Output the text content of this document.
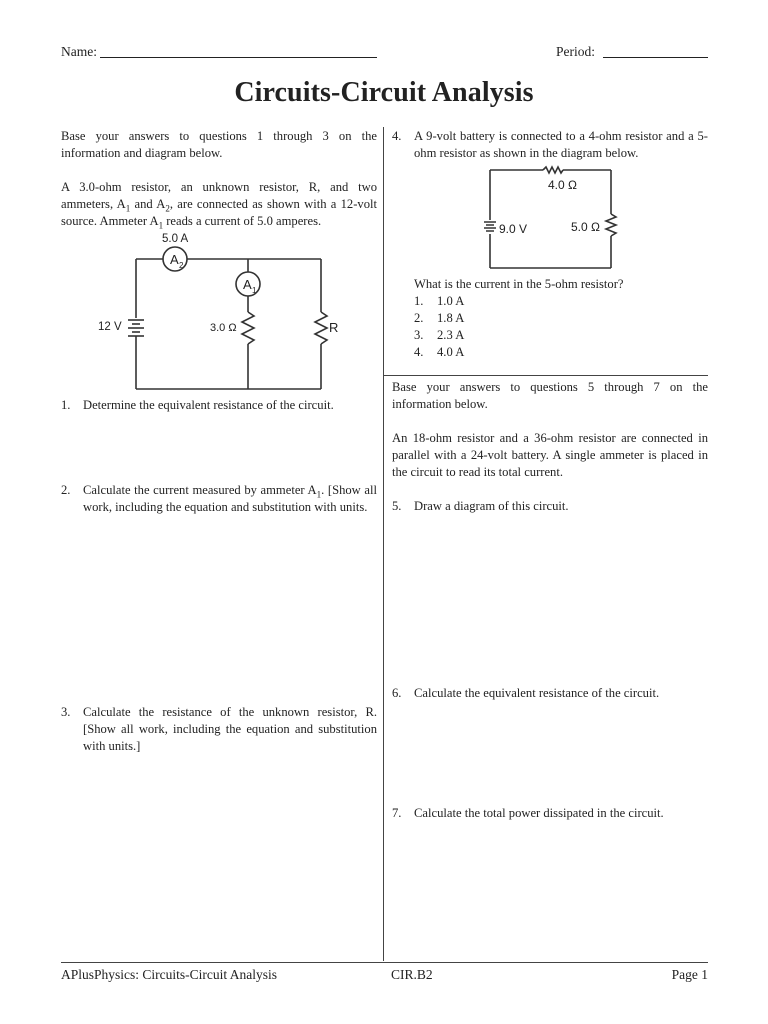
Name:	Period:
Circuits-Circuit Analysis
Base your answers to questions 1 through 3 on the information and diagram below.
A 3.0-ohm resistor, an unknown resistor, R, and two ammeters, $A_1$ and $A_2$, are connected as shown with a 12-volt source. Ammeter $A_1$ reads a current of 5.0 amperes.
A 2
A 1
5.0 A
12 V	3.0 Ω	R
1. Determine the equivalent resistance of the circuit.
2. Calculate the current measured by ammeter $A_1$. [Show all work, including the equation and substitution with units.
3. Calculate the resistance of the unknown resistor, R. [Show all work, including the equation and substitution with units.]
4. A 9-volt battery is connected to a 4-ohm resistor and a 5-ohm resistor as shown in the diagram below.
4.0 Ω
9.0 V	5.0 Ω
What is the current in the 5-ohm resistor?
1. 1.0 A
2. 1.8 A
3. 2.3 A
4. 4.0 A
Base your answers to questions 5 through 7 on the information below.
An 18-ohm resistor and a 36-ohm resistor are connected in parallel with a 24-volt battery. A single ammeter is placed in the circuit to read its total current.
5. Draw a diagram of this circuit.
6. Calculate the equivalent resistance of the circuit.
7. Calculate the total power dissipated in the circuit.
APlusPhysics: Circuits-Circuit Analysis	CIR.B2	Page 1
